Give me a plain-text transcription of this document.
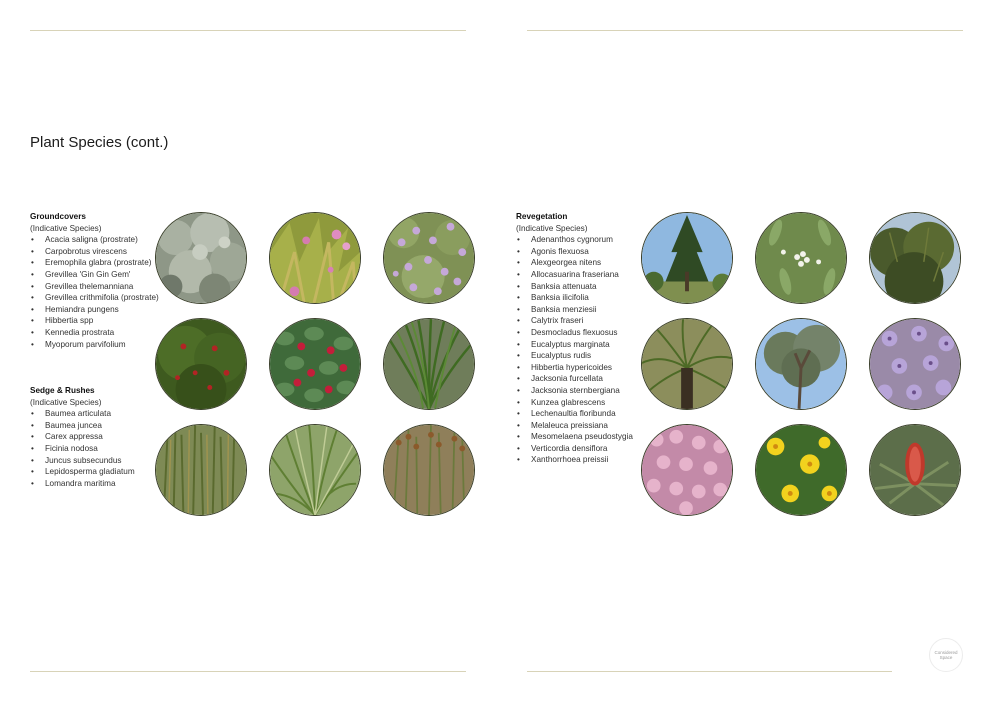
Plant Species (cont.)
Groundcovers

(Indicative Species)

• Acacia saligna (prostrate)
• Carpobrotus virescens
• Eremophila glabra (prostrate)
• Grevillea 'Gin Gin Gem'
• Grevillea thelemanniana
• Grevillea crithmifolia (prostrate)
• Hemiandra pungens
• Hibbertia spp
• Kennedia prostrata
• Myoporum parvifolium
Sedge & Rushes

(Indicative Species)

• Baumea articulata
• Baumea juncea
• Carex appressa
• Ficinia nodosa
• Juncus subsecundus
• Lepidosperma gladiatum
• Lomandra maritima
Revegetation

(Indicative Species)

• Adenanthos cygnorum
• Agonis flexuosa
• Alexgeorgea nitens
• Allocasuarina fraseriana
• Banksia attenuata
• Banksia ilicifolia
• Banksia menziesii
• Calytrix fraseri
• Desmocladus flexuosus
• Eucalyptus marginata
• Eucalyptus rudis
• Hibbertia hypericoides
• Jacksonia furcellata
• Jacksonia sternbergiana
• Kunzea glabrescens
• Lechenaultia floribunda
• Melaleuca preissiana
• Mesomelaena pseudostygia
• Verticordia densiflora
• Xanthorrhoea preissii
Considered
Space
